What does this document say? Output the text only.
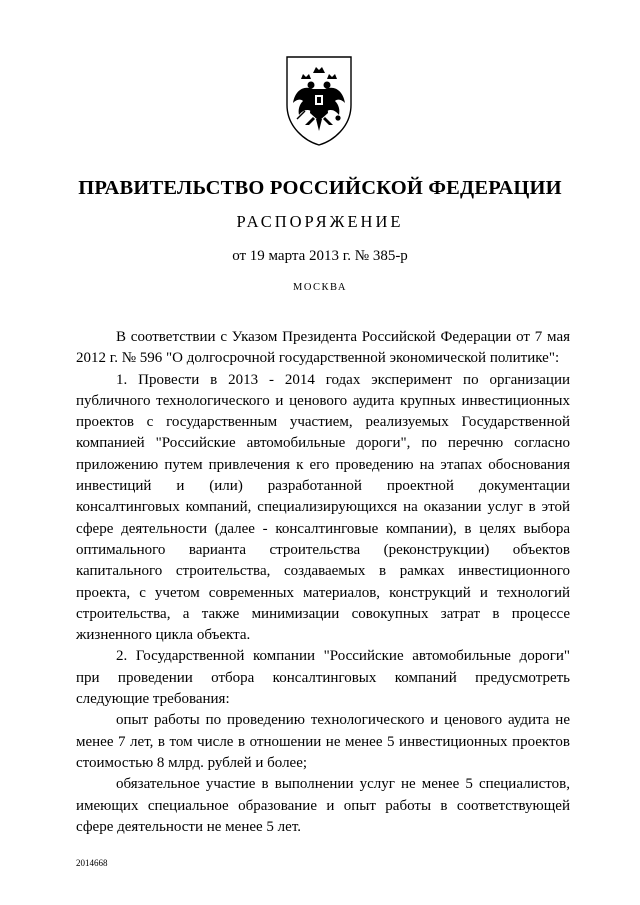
ПРАВИТЕЛЬСТВО РОССИЙСКОЙ ФЕДЕРАЦИИ
РАСПОРЯЖЕНИЕ
от 19 марта 2013 г. № 385-р
МОСКВА

В соответствии с Указом Президента Российской Федерации от 7 мая 2012 г. № 596 "О долгосрочной государственной экономической политике":

1. Провести в 2013 - 2014 годах эксперимент по организации публичного технологического и ценового аудита крупных инвестиционных проектов с государственным участием, реализуемых Государственной компанией "Российские автомобильные дороги", по перечню согласно приложению путем привлечения к его проведению на этапах обоснования инвестиций и (или) разработанной проектной документации консалтинговых компаний, специализирующихся на оказании услуг в этой сфере деятельности (далее - консалтинговые компании), в целях выбора оптимального варианта строительства (реконструкции) объектов капитального строительства, создаваемых в рамках инвестиционного проекта, с учетом современных материалов, конструкций и технологий строительства, а также минимизации совокупных затрат в процессе жизненного цикла объекта.

2. Государственной компании "Российские автомобильные дороги" при проведении отбора консалтинговых компаний предусмотреть следующие требования:

опыт работы по проведению технологического и ценового аудита не менее 7 лет, в том числе в отношении не менее 5 инвестиционных проектов стоимостью 8 млрд. рублей и более;

обязательное участие в выполнении услуг не менее 5 специалистов, имеющих специальное образование и опыт работы в соответствующей сфере деятельности не менее 5 лет.

2014668
